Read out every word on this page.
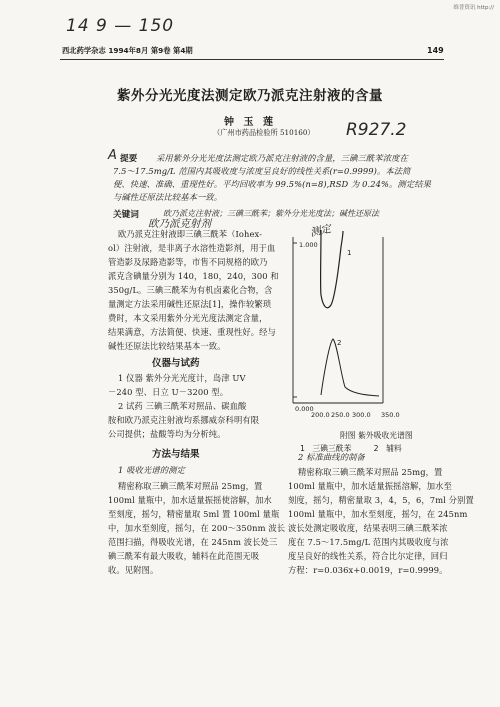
维普资讯 http://
14 9 — 150
R927.2
欧乃派克射剂	测定
西北药学杂志 1994年8月 第9卷 第4期	149
紫外分光光度法测定欧乃派克注射液的含量
钟 玉 莲
（广州市药品检验所 510160）
A 提要 采用紫外分光光度法测定欧乃派克注射液的含量，三碘三酰苯浓度在
7.5～17.5mg/L 范围内其吸收度与浓度呈良好的线性关系(r=0.9999)。本法简
便、快速、准确、重现性好。平均回收率为 99.5%(n=8),RSD 为 0.24%。测定结果
与碱性还原法比较基本一致。
关键词	欧乃派克注射液；三碘三酰苯；紫外分光光度法；碱性还原法
欧乃派克注射液即三碘三酰苯（Iohex-
ol）注射液，是非离子水溶性造影剂，用于血
管造影及尿路造影等，市售不同规格的欧乃
派克含碘量分别为 140，180，240，300 和
350g/L。三碘三酰苯为有机卤素化合物，含
量测定方法采用碱性还原法[1]，操作较繁琐
费时，本文采用紫外分光光度法测定含量，
结果满意，方法简便、快速、重现性好。经与
碱性还原法比较结果基本一致。
仪器与试药
1 仪器 紫外分光光度计，岛津 UV
－240 型、日立 U－3200 型。
2 试药 三碘三酰苯对照品、碳血酸
胺和欧乃派克注射液均系挪威奈科明有限
公司提供；盐酸等均为分析纯。
方法与结果
1 吸收光谱的测定
精密称取三碘三酰苯对照品 25mg，置
100ml 量瓶中，加水适量振摇使溶解，加水
至刻度，摇匀，精密量取 5ml 置 100ml 量瓶
中，加水至刻度，摇匀，在 200～350nm 波长
范围扫描，得吸收光谱，在 245nm 波长处三
碘三酰苯有最大吸收，辅料在此范围无吸
收。见附图。
1.000
0.000
200.0 250.0 300.0 350.0
1
2
附图 紫外吸收光谱图
1   三碘三酰苯         2   辅料
2 标准曲线的制备
精密称取三碘三酰苯对照品 25mg，置
100ml 量瓶中，加水适量振摇溶解，加水至
刻度，摇匀，精密量取 3，4，5，6，7ml 分别置
100ml 量瓶中，加水至刻度，摇匀，在 245nm
波长处测定吸收度，结果表明三碘三酰苯浓
度在 7.5～17.5mg/L 范围内其吸收度与浓
度呈良好的线性关系，符合比尔定律，回归
方程：r=0.036x+0.0019，r=0.9999。
